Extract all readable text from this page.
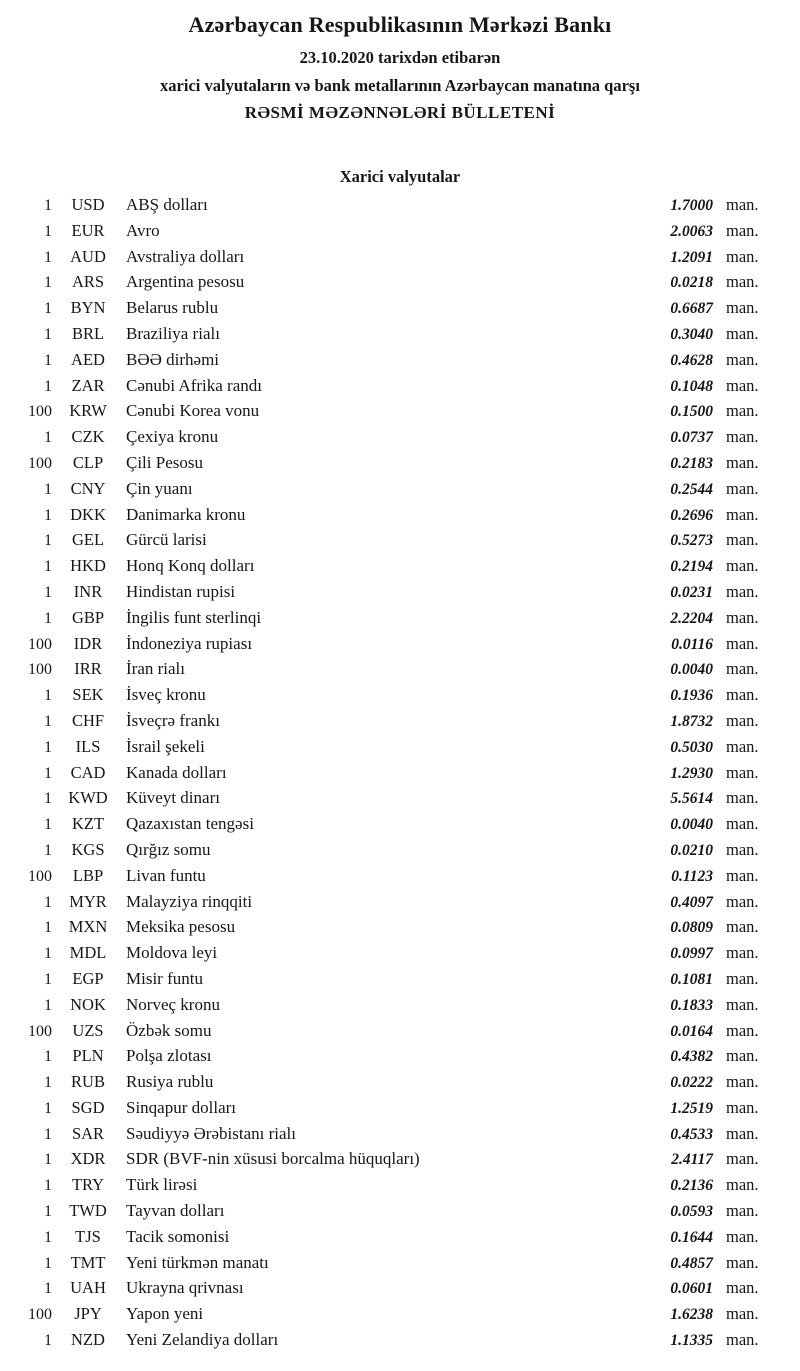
Azərbaycan Respublikasının Mərkəzi Bankı
23.10.2020 tarixdən etibarən
xarici valyutaların və bank metallarının Azərbaycan manatına qarşı
RƏSMİ MƏZƏNNƏLƏRİ BÜLLETENİ
Xarici valyutalar
1	USD	ABŞ dolları	1.7000 man.
1	EUR	Avro	2.0063 man.
1	AUD	Avstraliya dolları	1.2091 man.
1	ARS	Argentina pesosu	0.0218 man.
1	BYN	Belarus rublu	0.6687 man.
1	BRL	Braziliya rialı	0.3040 man.
1	AED	BƏƏ dirhəmi	0.4628 man.
1	ZAR	Cənubi Afrika randı	0.1048 man.
100	KRW	Cənubi Korea vonu	0.1500 man.
1	CZK	Çexiya kronu	0.0737 man.
100	CLP	Çili Pesosu	0.2183 man.
1	CNY	Çin yuanı	0.2544 man.
1	DKK	Danimarka kronu	0.2696 man.
1	GEL	Gürcü larisi	0.5273 man.
1	HKD	Honq Konq dolları	0.2194 man.
1	INR	Hindistan rupisi	0.0231 man.
1	GBP	İngilis funt sterlinqi	2.2204 man.
100	IDR	İndoneziya rupiası	0.0116 man.
100	IRR	İran rialı	0.0040 man.
1	SEK	İsveç kronu	0.1936 man.
1	CHF	İsveçrə frankı	1.8732 man.
1	ILS	İsrail şekeli	0.5030 man.
1	CAD	Kanada dolları	1.2930 man.
1 KWD	Küveyt dinarı	5.5614 man.
1	KZT	Qazaxıstan tengəsi	0.0040 man.
1	KGS	Qırğız somu	0.0210 man.
100	LBP	Livan funtu	0.1123 man.
1	MYR	Malayziya rinqqiti	0.4097 man.
1	MXN	Meksika pesosu	0.0809 man.
1	MDL	Moldova leyi	0.0997 man.
1	EGP	Misir funtu	0.1081 man.
1	NOK	Norveç kronu	0.1833 man.
100	UZS	Özbək somu	0.0164 man.
1	PLN	Polşa zlotası	0.4382 man.
1	RUB	Rusiya rublu	0.0222 man.
1	SGD	Sinqapur dolları	1.2519 man.
1	SAR	Səudiyyə Ərəbistanı rialı	0.4533 man.
1	XDR	SDR (BVF-nin xüsusi borcalma hüquqları)	2.4117 man.
1	TRY	Türk lirəsi	0.2136 man.
1	TWD	Tayvan dolları	0.0593 man.
1	TJS	Tacik somonisi	0.1644 man.
1	TMT	Yeni türkmən manatı	0.4857 man.
1	UAH	Ukrayna qrivnası	0.0601 man.
100	JPY	Yapon yeni	1.6238 man.
1	NZD	Yeni Zelandiya dolları	1.1335 man.
